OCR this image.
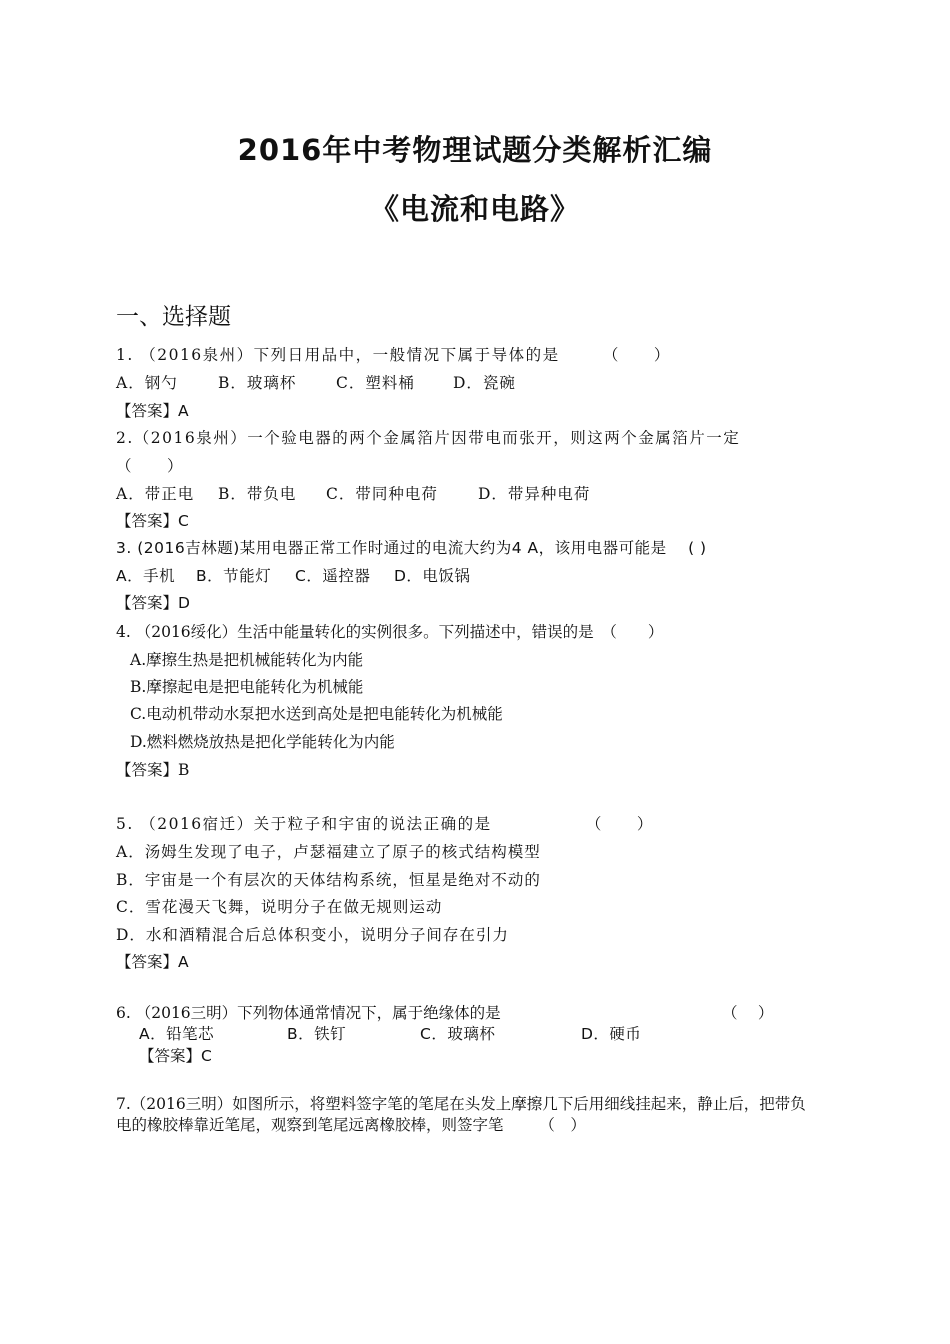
2016年中考物理试题分类解析汇编
《电流和电路》
一、选择题
1. （2016泉州）下列日用品中，一般情况下属于导体的是　　　（　　）
A．钢勺	B．玻璃杯	C．塑料桶 D．瓷碗
【答案】A
2.（2016泉州）一个验电器的两个金属箔片因带电而张开，则这两个金属箔片一定
（　　）
A．带正电 B．带负电 C．带同种电荷	D．带异种电荷
【答案】C
3. (2016吉林题)某用电器正常工作时通过的电流大约为4 A，该用电器可能是　 ( )
A．手机 B．节能灯 C．遥控器 D．电饭锅
【答案】D
4. （2016绥化）生活中能量转化的实例很多。下列描述中，错误的是　（　　）
A.摩擦生热是把机械能转化为内能
B.摩擦起电是把电能转化为机械能
C.电动机带动水泵把水送到高处是把电能转化为机械能
D.燃料燃烧放热是把化学能转化为内能
【答案】B
5. （2016宿迁）关于粒子和宇宙的说法正确的是　　　　　　（　　）
A．汤姆生发现了电子，卢瑟福建立了原子的核式结构模型
B．宇宙是一个有层次的天体结构系统，恒星是绝对不动的
C．雪花漫天飞舞，说明分子在做无规则运动
D．水和酒精混合后总体积变小，说明分子间存在引力
【答案】A
6. （2016三明）下列物体通常情况下，属于绝缘体的是	（　 ）
A．铅笔芯	B．铁钉	C．玻璃杯	D．硬币
【答案】C
7.（2016三明）如图所示，将塑料签字笔的笔尾在头发上摩擦几下后用细线挂起来，静止后，把带负
电的橡胶棒靠近笔尾，观察到笔尾远离橡胶棒，则签字笔　　 （　）
